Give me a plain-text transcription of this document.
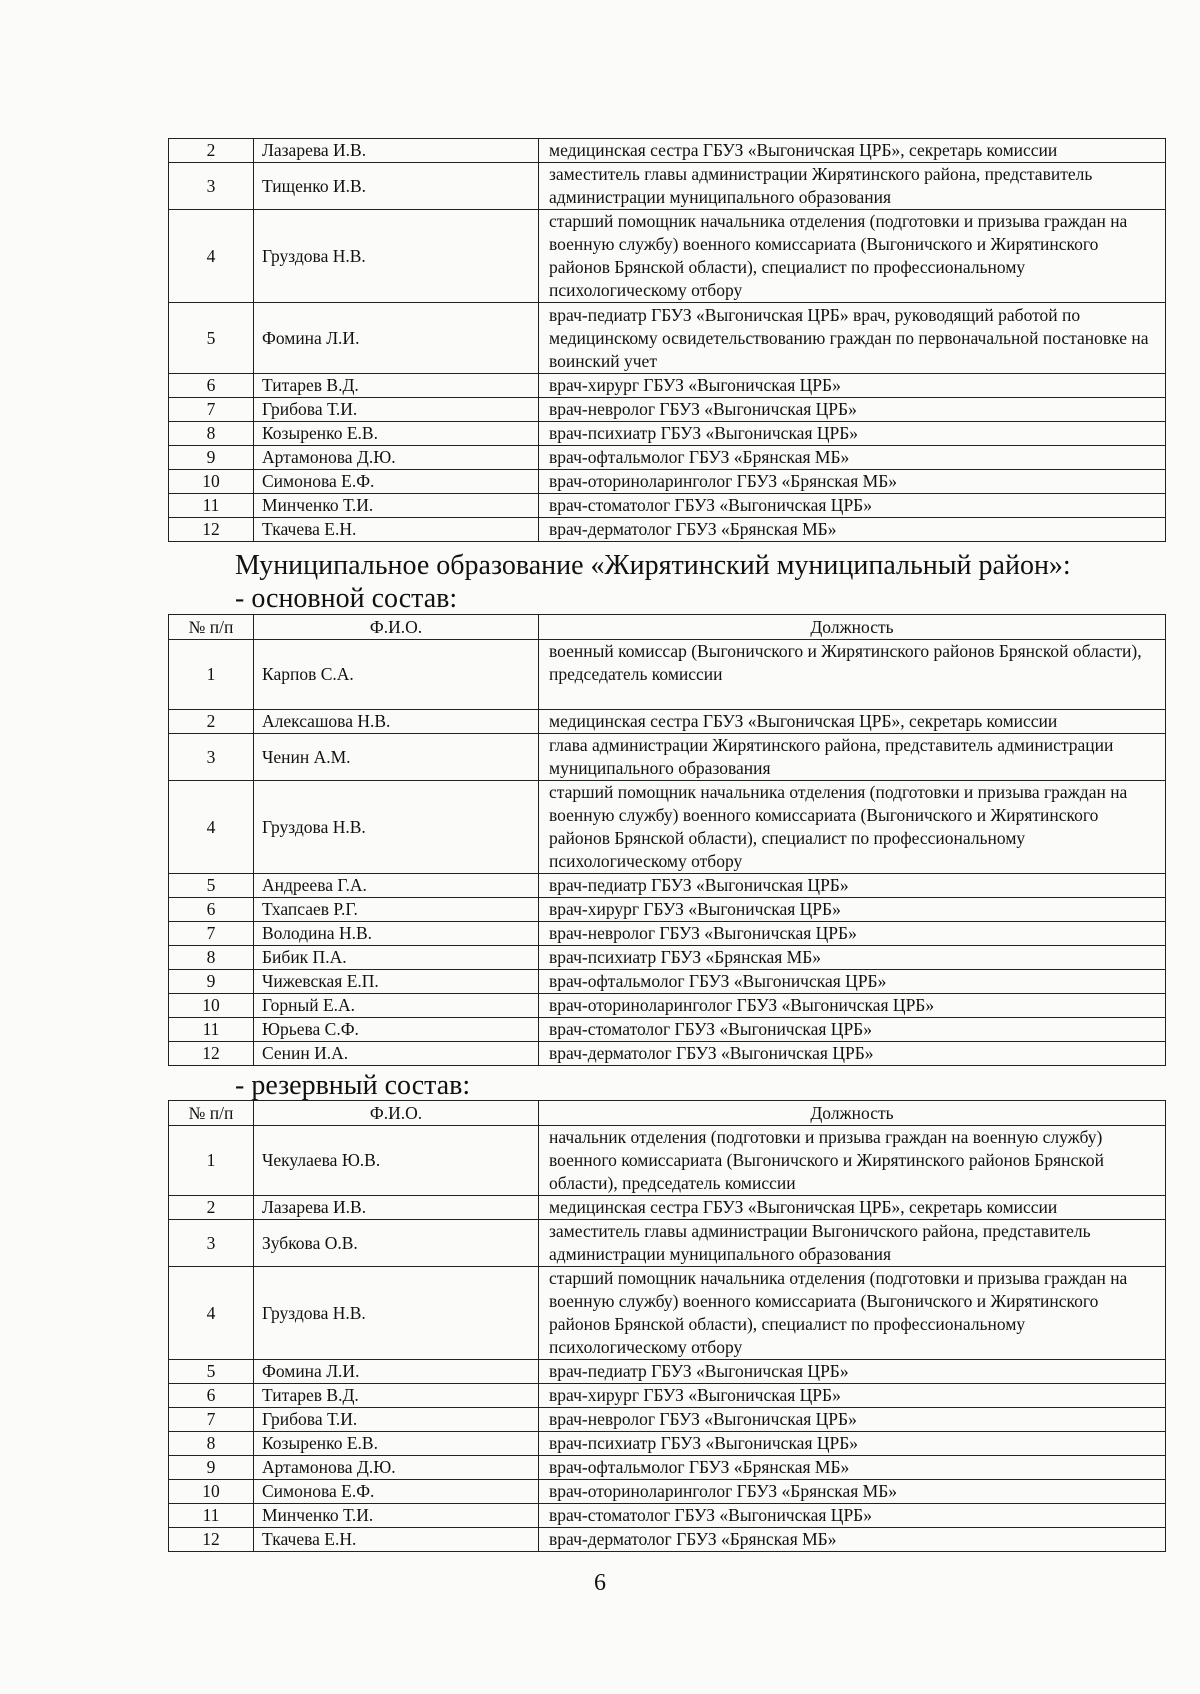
2	Лазарева И.В.	медицинская сестра ГБУЗ «Выгоничская ЦРБ», секретарь комиссии
3	Тищенко И.В.	заместитель главы администрации Жирятинского района, представитель администрации муниципального образования
4	Груздова Н.В.	старший помощник начальника отделения (подготовки и призыва граждан на военную службу) военного комиссариата (Выгоничского и Жирятинского районов Брянской области), специалист по профессиональному психологическому отбору
5	Фомина Л.И.	врач-педиатр ГБУЗ «Выгоничская ЦРБ» врач, руководящий работой по медицинскому освидетельствованию граждан по первоначальной постановке на воинский учет
6	Титарев В.Д.	врач-хирург ГБУЗ «Выгоничская ЦРБ»
7	Грибова Т.И.	врач-невролог ГБУЗ «Выгоничская ЦРБ»
8	Козыренко Е.В.	врач-психиатр ГБУЗ «Выгоничская ЦРБ»
9	Артамонова Д.Ю.	врач-офтальмолог ГБУЗ «Брянская МБ»
10	Симонова Е.Ф.	врач-оториноларинголог ГБУЗ «Брянская МБ»
11	Минченко Т.И.	врач-стоматолог ГБУЗ «Выгоничская ЦРБ»
12	Ткачева Е.Н.	врач-дерматолог ГБУЗ «Брянская МБ»
Муниципальное образование «Жирятинский муниципальный район»:
- основной состав:
№ п/п	Ф.И.О.	Должность
1	Карпов С.А.	военный комиссар (Выгоничского и Жирятинского районов Брянской области), председатель комиссии
2	Алексашова Н.В.	медицинская сестра ГБУЗ «Выгоничская ЦРБ», секретарь комиссии
3	Ченин А.М.	глава администрации Жирятинского района, представитель администрации муниципального образования
4	Груздова Н.В.	старший помощник начальника отделения (подготовки и призыва граждан на военную службу) военного комиссариата (Выгоничского и Жирятинского районов Брянской области), специалист по профессиональному психологическому отбору
5	Андреева Г.А.	врач-педиатр ГБУЗ «Выгоничская ЦРБ»
6	Тхапсаев Р.Г.	врач-хирург ГБУЗ «Выгоничская ЦРБ»
7	Володина Н.В.	врач-невролог ГБУЗ «Выгоничская ЦРБ»
8	Бибик П.А.	врач-психиатр ГБУЗ «Брянская МБ»
9	Чижевская Е.П.	врач-офтальмолог ГБУЗ «Выгоничская ЦРБ»
10	Горный Е.А.	врач-оториноларинголог ГБУЗ «Выгоничская ЦРБ»
11	Юрьева С.Ф.	врач-стоматолог ГБУЗ «Выгоничская ЦРБ»
12	Сенин И.А.	врач-дерматолог ГБУЗ «Выгоничская ЦРБ»
- резервный состав:
№ п/п	Ф.И.О.	Должность
1	Чекулаева Ю.В.	начальник отделения (подготовки и призыва граждан на военную службу) военного комиссариата (Выгоничского и Жирятинского районов Брянской области), председатель комиссии
2	Лазарева И.В.	медицинская сестра ГБУЗ «Выгоничская ЦРБ», секретарь комиссии
3	Зубкова О.В.	заместитель главы администрации Выгоничского района, представитель администрации муниципального образования
4	Груздова Н.В.	старший помощник начальника отделения (подготовки и призыва граждан на военную службу) военного комиссариата (Выгоничского и Жирятинского районов Брянской области), специалист по профессиональному психологическому отбору
5	Фомина Л.И.	врач-педиатр ГБУЗ «Выгоничская ЦРБ»
6	Титарев В.Д.	врач-хирург ГБУЗ «Выгоничская ЦРБ»
7	Грибова Т.И.	врач-невролог ГБУЗ «Выгоничская ЦРБ»
8	Козыренко Е.В.	врач-психиатр ГБУЗ «Выгоничская ЦРБ»
9	Артамонова Д.Ю.	врач-офтальмолог ГБУЗ «Брянская МБ»
10	Симонова Е.Ф.	врач-оториноларинголог ГБУЗ «Брянская МБ»
11	Минченко Т.И.	врач-стоматолог ГБУЗ «Выгоничская ЦРБ»
12	Ткачева Е.Н.	врач-дерматолог ГБУЗ «Брянская МБ»
6
